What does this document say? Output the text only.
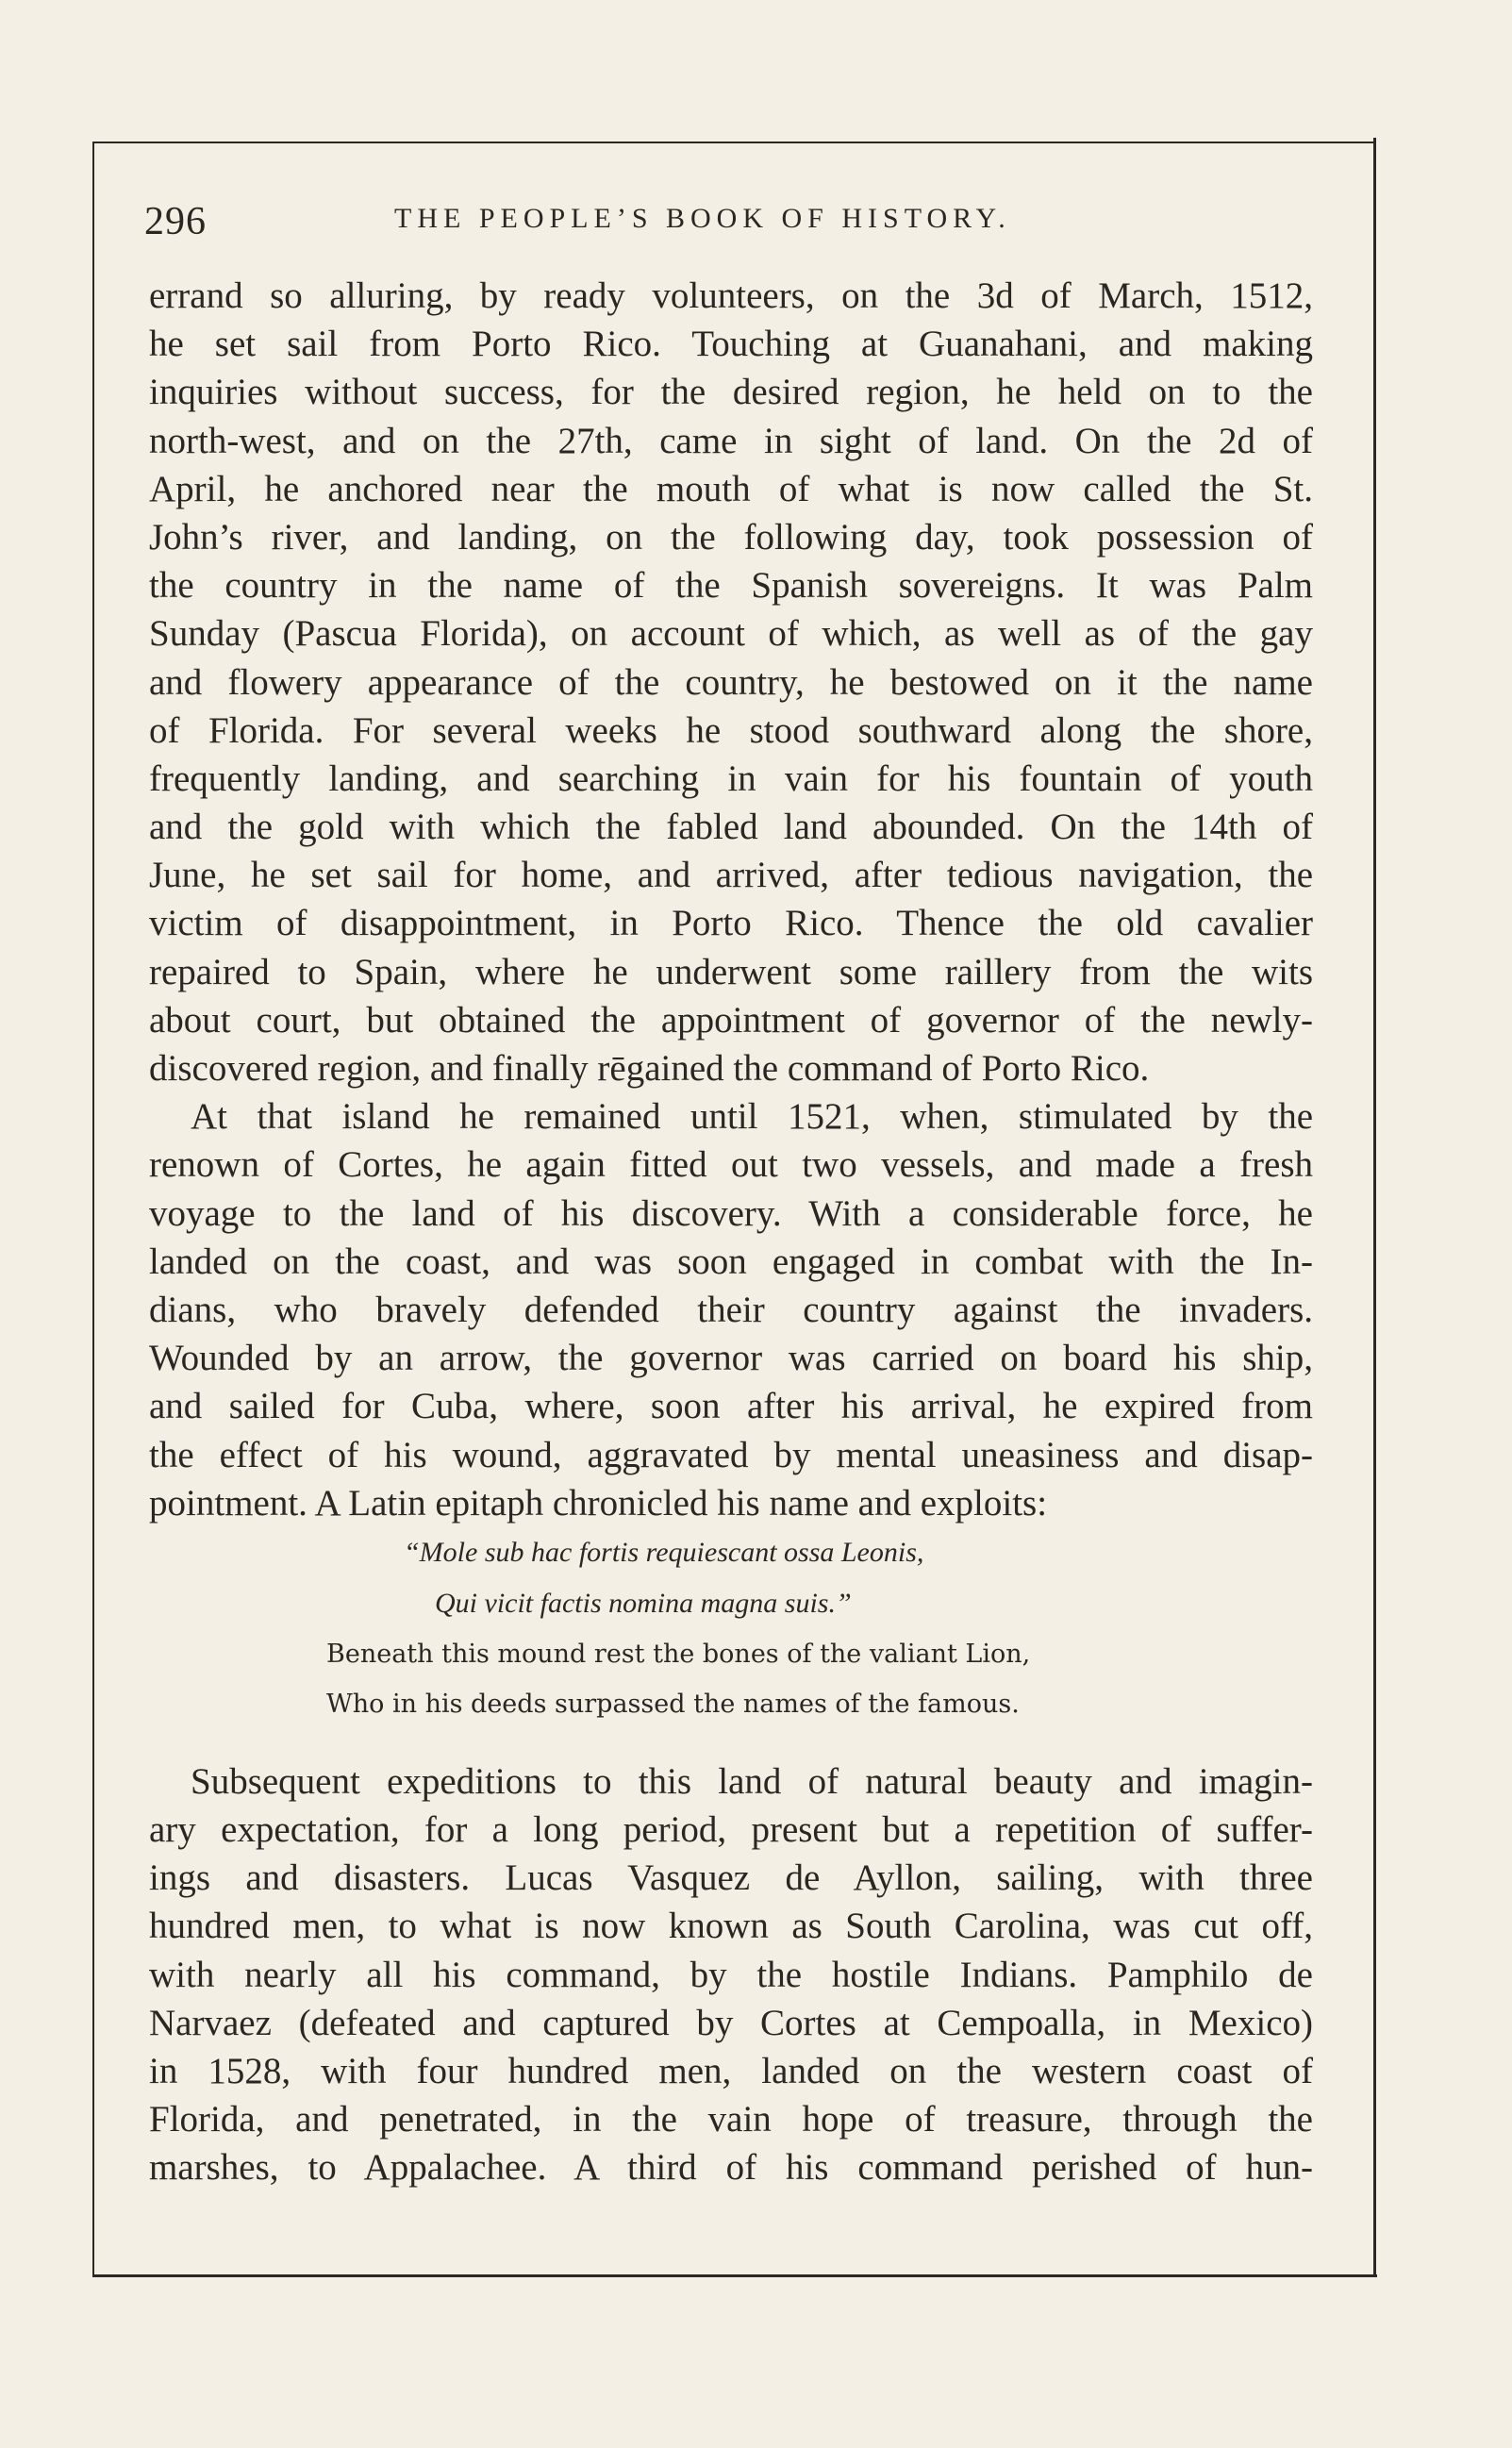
296	THE PEOPLE’S BOOK OF HISTORY.
errand so alluring, by ready volunteers, on the 3d of March, 1512,
he set sail from Porto Rico. Touching at Guanahani, and making
inquiries without success, for the desired region, he held on to the
north-west, and on the 27th, came in sight of land. On the 2d of
April, he anchored near the mouth of what is now called the St.
John’s river, and landing, on the following day, took possession of
the country in the name of the Spanish sovereigns. It was Palm
Sunday (Pascua Florida), on account of which, as well as of the gay
and flowery appearance of the country, he bestowed on it the name
of Florida. For several weeks he stood southward along the shore,
frequently landing, and searching in vain for his fountain of youth
and the gold with which the fabled land abounded. On the 14th of
June, he set sail for home, and arrived, after tedious navigation, the
victim of disappointment, in Porto Rico. Thence the old cavalier
repaired to Spain, where he underwent some raillery from the wits
about court, but obtained the appointment of governor of the newly-
discovered region, and finally rēgained the command of Porto Rico.
At that island he remained until 1521, when, stimulated by the
renown of Cortes, he again fitted out two vessels, and made a fresh
voyage to the land of his discovery. With a considerable force, he
landed on the coast, and was soon engaged in combat with the In-
dians, who bravely defended their country against the invaders.
Wounded by an arrow, the governor was carried on board his ship,
and sailed for Cuba, where, soon after his arrival, he expired from
the effect of his wound, aggravated by mental uneasiness and disap-
pointment. A Latin epitaph chronicled his name and exploits:
“Mole sub hac fortis requiescant ossa Leonis,
Qui vicit factis nomina magna suis.”
Beneath this mound rest the bones of the valiant Lion,
Who in his deeds surpassed the names of the famous.
Subsequent expeditions to this land of natural beauty and imagin-
ary expectation, for a long period, present but a repetition of suffer-
ings and disasters. Lucas Vasquez de Ayllon, sailing, with three
hundred men, to what is now known as South Carolina, was cut off,
with nearly all his command, by the hostile Indians. Pamphilo de
Narvaez (defeated and captured by Cortes at Cempoalla, in Mexico)
in 1528, with four hundred men, landed on the western coast of
Florida, and penetrated, in the vain hope of treasure, through the
marshes, to Appalachee. A third of his command perished of hun-
